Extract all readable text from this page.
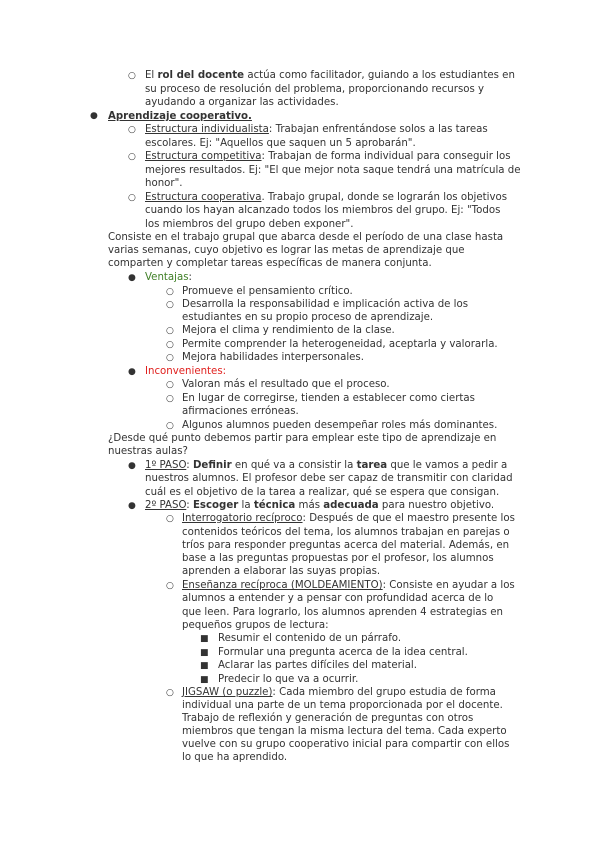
○ El rol del docente actúa como facilitador, guiando a los estudiantes en
su proceso de resolución del problema, proporcionando recursos y
ayudando a organizar las actividades.
● Aprendizaje cooperativo.
○ Estructura individualista: Trabajan enfrentándose solos a las tareas
escolares. Ej: "Aquellos que saquen un 5 aprobarán".
○ Estructura competitiva: Trabajan de forma individual para conseguir los
mejores resultados. Ej: "El que mejor nota saque tendrá una matrícula de
honor".
○ Estructura cooperativa. Trabajo grupal, donde se lograrán los objetivos
cuando los hayan alcanzado todos los miembros del grupo. Ej: "Todos
los miembros del grupo deben exponer".
Consiste en el trabajo grupal que abarca desde el período de una clase hasta
varias semanas, cuyo objetivo es lograr las metas de aprendizaje que
comparten y completar tareas específicas de manera conjunta.
● Ventajas:
○ Promueve el pensamiento crítico.
○ Desarrolla la responsabilidad e implicación activa de los
estudiantes en su propio proceso de aprendizaje.
○ Mejora el clima y rendimiento de la clase.
○ Permite comprender la heterogeneidad, aceptarla y valorarla.
○ Mejora habilidades interpersonales.
● Inconvenientes:
○ Valoran más el resultado que el proceso.
○ En lugar de corregirse, tienden a establecer como ciertas
afirmaciones erróneas.
○ Algunos alumnos pueden desempeñar roles más dominantes.
¿Desde qué punto debemos partir para emplear este tipo de aprendizaje en
nuestras aulas?
● 1º PASO: Definir en qué va a consistir la tarea que le vamos a pedir a
nuestros alumnos. El profesor debe ser capaz de transmitir con claridad
cuál es el objetivo de la tarea a realizar, qué se espera que consigan.
● 2º PASO: Escoger la técnica más adecuada para nuestro objetivo.
○ Interrogatorio recíproco: Después de que el maestro presente los
contenidos teóricos del tema, los alumnos trabajan en parejas o
tríos para responder preguntas acerca del material. Además, en
base a las preguntas propuestas por el profesor, los alumnos
aprenden a elaborar las suyas propias.
○ Enseñanza recíproca (MOLDEAMIENTO): Consiste en ayudar a los
alumnos a entender y a pensar con profundidad acerca de lo
que leen. Para lograrlo, los alumnos aprenden 4 estrategias en
pequeños grupos de lectura:
■ Resumir el contenido de un párrafo.
■ Formular una pregunta acerca de la idea central.
■ Aclarar las partes difíciles del material.
■ Predecir lo que va a ocurrir.
○ JIGSAW (o puzzle): Cada miembro del grupo estudia de forma
individual una parte de un tema proporcionada por el docente.
Trabajo de reflexión y generación de preguntas con otros
miembros que tengan la misma lectura del tema. Cada experto
vuelve con su grupo cooperativo inicial para compartir con ellos
lo que ha aprendido.
